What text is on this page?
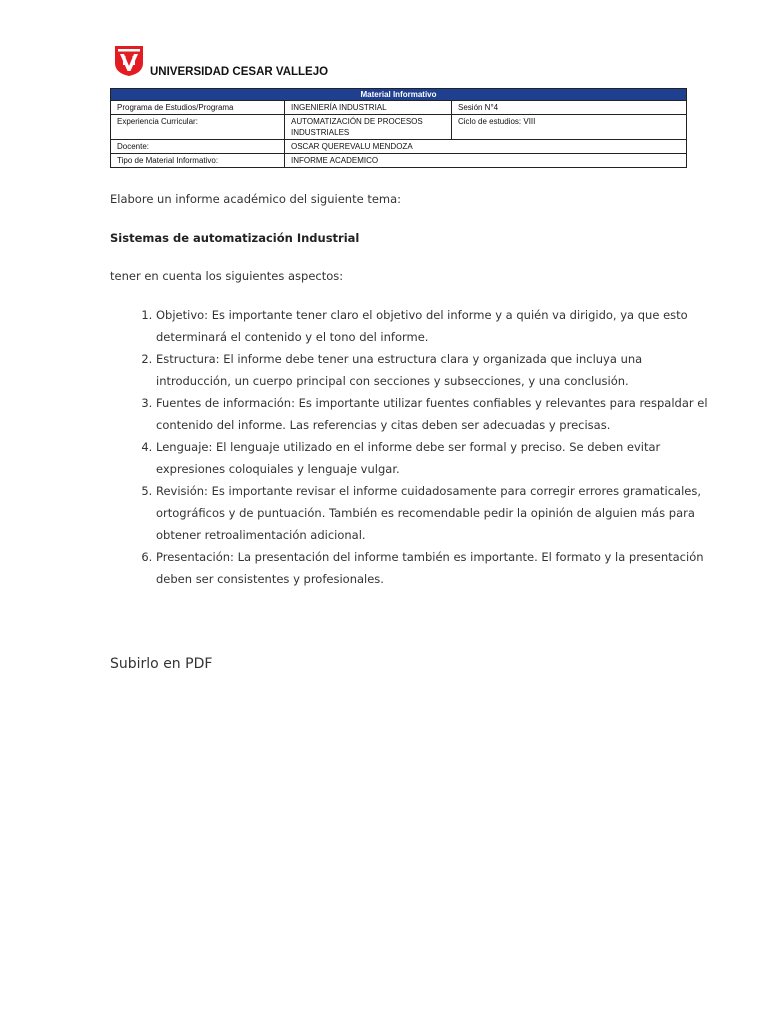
UNIVERSIDAD CESAR VALLEJO
Material Informativo		
Programa de Estudios/Programa	INGENIERÍA INDUSTRIAL	Sesión N°4
Experiencia Curricular:	AUTOMATIZACIÓN DE PROCESOS INDUSTRIALES	Ciclo de estudios: VIII
Docente:	OSCAR QUEREVALU MENDOZA	
Tipo de Material Informativo:	INFORME ACADEMICO	
Elabore un informe académico del siguiente tema:
Sistemas de automatización Industrial
tener en cuenta los siguientes aspectos:
1. Objetivo: Es importante tener claro el objetivo del informe y a quién va dirigido, ya que esto determinará el contenido y el tono del informe.
2. Estructura: El informe debe tener una estructura clara y organizada que incluya una introducción, un cuerpo principal con secciones y subsecciones, y una conclusión.
3. Fuentes de información: Es importante utilizar fuentes confiables y relevantes para respaldar el contenido del informe. Las referencias y citas deben ser adecuadas y precisas.
4. Lenguaje: El lenguaje utilizado en el informe debe ser formal y preciso. Se deben evitar expresiones coloquiales y lenguaje vulgar.
5. Revisión: Es importante revisar el informe cuidadosamente para corregir errores gramaticales, ortográficos y de puntuación. También es recomendable pedir la opinión de alguien más para obtener retroalimentación adicional.
6. Presentación: La presentación del informe también es importante. El formato y la presentación deben ser consistentes y profesionales.
Subirlo en PDF
